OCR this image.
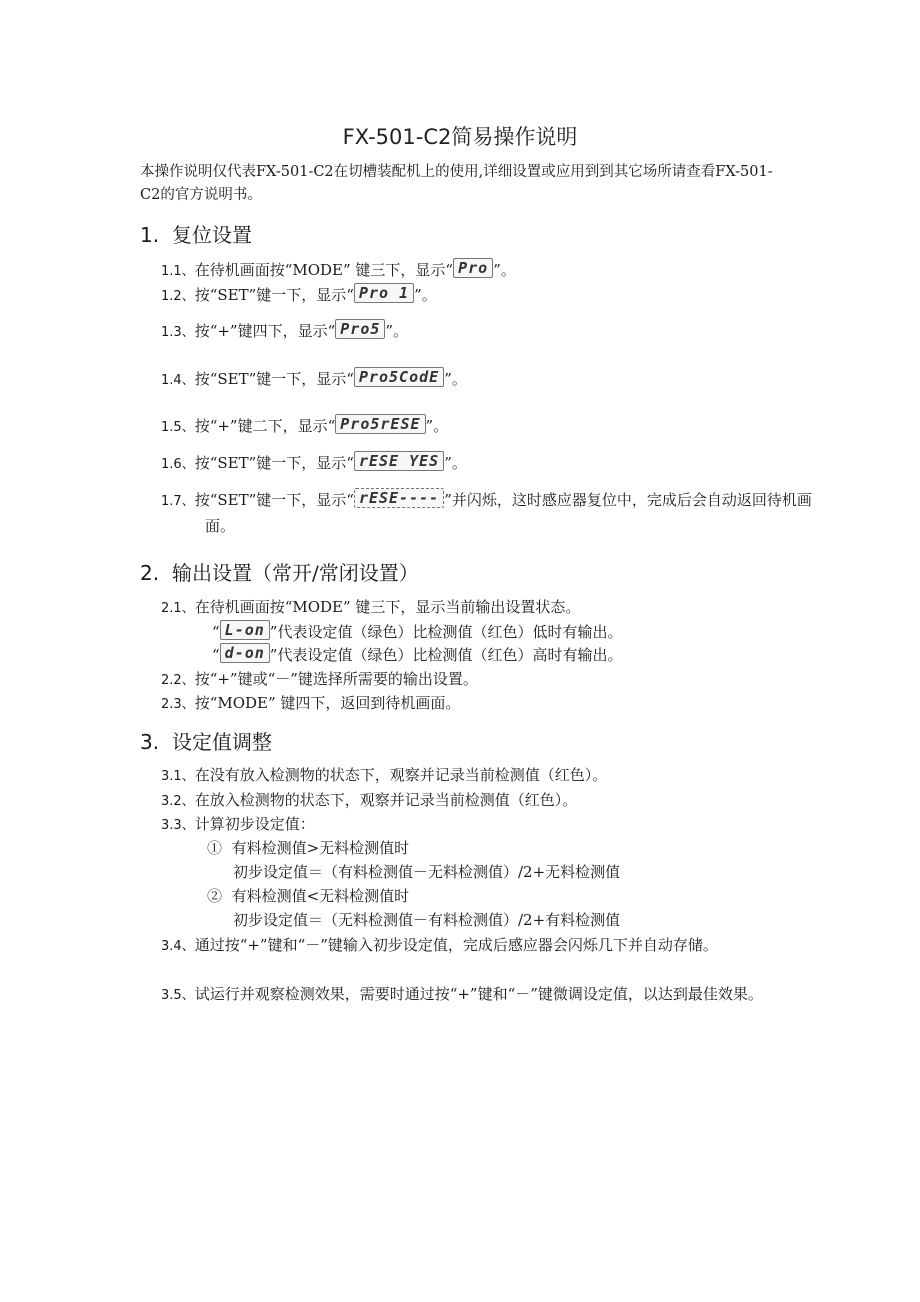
FX-501-C2简易操作说明
本操作说明仅代表FX-501-C2在切槽装配机上的使用,详细设置或应用到到其它场所请查看FX-501-C2的官方说明书。
1. 复位设置
1.1、在待机画面按“MODE” 键三下，显示“ Pro ”。
1.2、按“SET”键一下，显示“ Pro 1 ”。
1.3、按“+”键四下，显示“ Pro5 ”。
1.4、按“SET”键一下，显示“ Pro5CodE ”。
1.5、按“+”键二下，显示“ Pro5rESE ”。
1.6、按“SET”键一下，显示“ rESE YES ”。
1.7、按“SET”键一下，显示“ rESE---- ”并闪烁，这时感应器复位中，完成后会自动返回待机画面。
2. 输出设置（常开/常闭设置）
2.1、在待机画面按“MODE” 键三下，显示当前输出设置状态。
“ L-on ”代表设定值（绿色）比检测值（红色）低时有输出。
“ d-on ”代表设定值（绿色）比检测值（红色）高时有输出。
2.2、按“+”键或“－”键选择所需要的输出设置。
2.3、按“MODE” 键四下，返回到待机画面。
3. 设定值调整
3.1、在没有放入检测物的状态下，观察并记录当前检测值（红色）。
3.2、在放入检测物的状态下，观察并记录当前检测值（红色）。
3.3、计算初步设定值：
① 有料检测值>无料检测值时
初步设定值＝（有料检测值－无料检测值）/2+无料检测值
② 有料检测值<无料检测值时
初步设定值＝（无料检测值－有料检测值）/2+有料检测值
3.4、通过按“+”键和“－”键输入初步设定值，完成后感应器会闪烁几下并自动存储。
3.5、试运行并观察检测效果，需要时通过按“+”键和“－”键微调设定值，以达到最佳效果。
